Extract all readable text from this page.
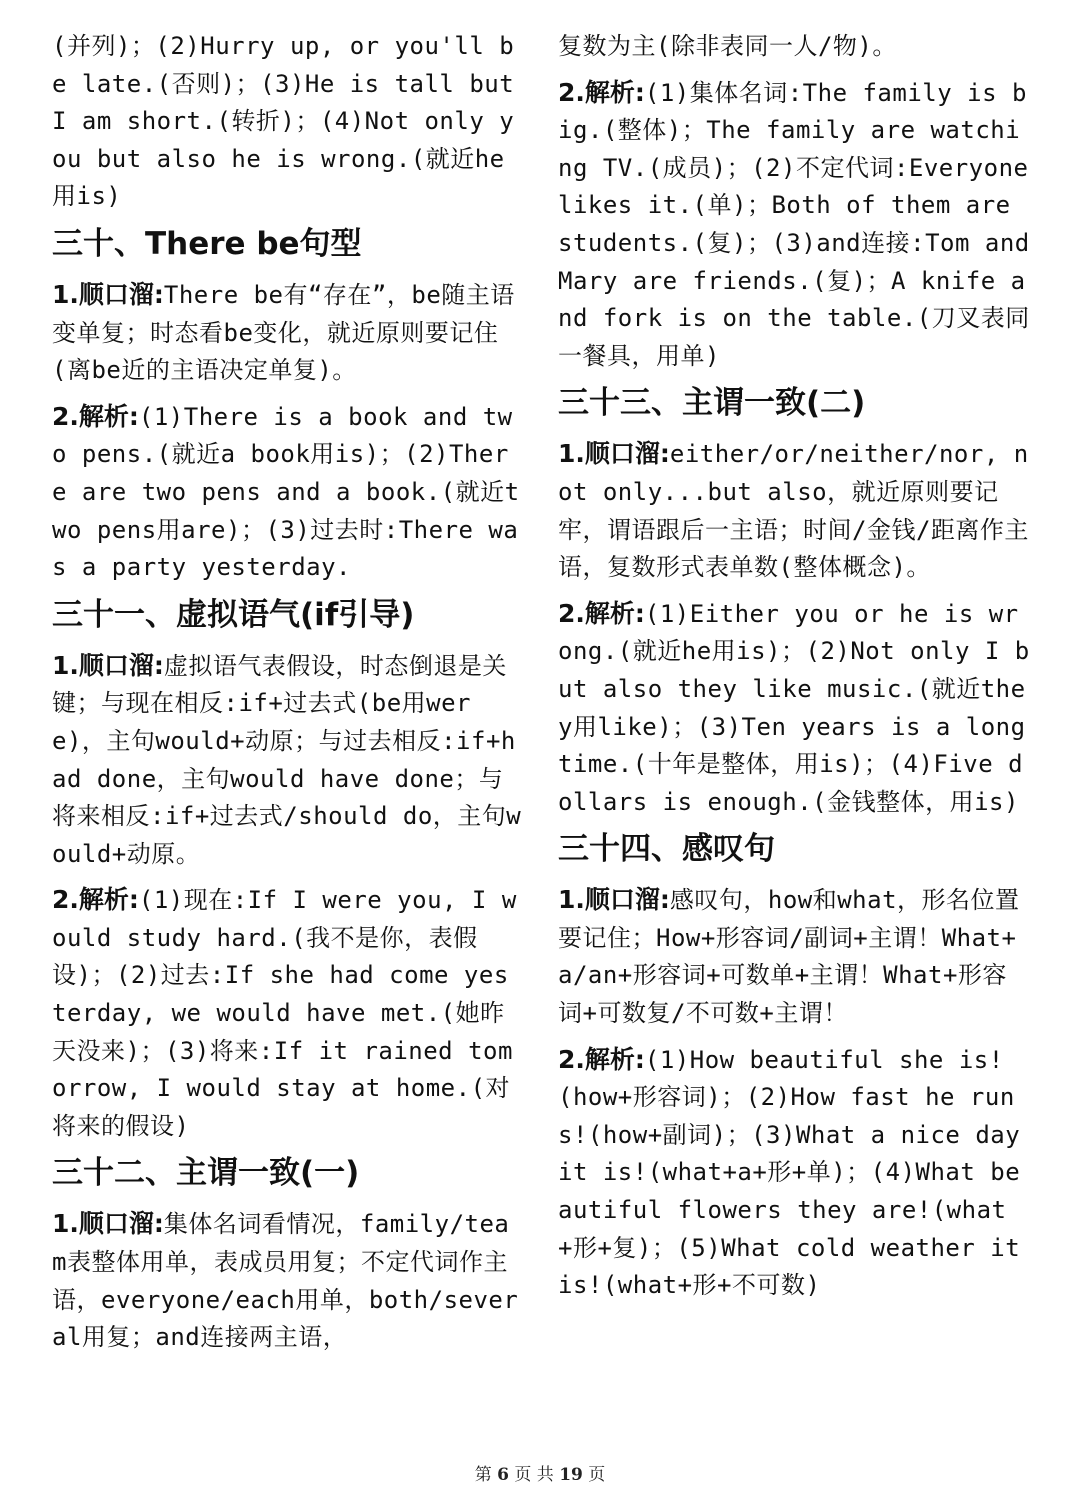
(并列)；(2)Hurry up, or you'll be late.(否则)；(3)He is tall but I am short.(转折)；(4)Not only you but also he is wrong.(就近he用is)

三十、There be句型

1.顺口溜:There be有“存在”，be随主语变单复；时态看be变化，就近原则要记住(离be近的主语决定单复)。

2.解析:(1)There is a book and two pens.(就近a book用is)；(2)There are two pens and a book.(就近two pens用are)；(3)过去时:There was a party yesterday.

三十一、虚拟语气(if引导)

1.顺口溜:虚拟语气表假设，时态倒退是关键；与现在相反:if+过去式(be用were)，主句would+动原；与过去相反:if+had done，主句would have done；与将来相反:if+过去式/should do，主句would+动原。

2.解析:(1)现在:If I were you, I would study hard.(我不是你，表假设)；(2)过去:If she had come yesterday, we would have met.(她昨天没来)；(3)将来:If it rained tomorrow, I would stay at home.(对将来的假设)

三十二、主谓一致(一)

1.顺口溜:集体名词看情况，family/team表整体用单，表成员用复；不定代词作主语，everyone/each用单，both/several用复；and连接两主语，

复数为主(除非表同一人/物)。

2.解析:(1)集体名词:The family is big.(整体)；The family are watching TV.(成员)；(2)不定代词:Everyone likes it.(单)；Both of them are students.(复)；(3)and连接:Tom and Mary are friends.(复)；A knife and fork is on the table.(刀叉表同一餐具，用单)

三十三、主谓一致(二)

1.顺口溜:either/or/neither/nor, not only...but also，就近原则要记牢，谓语跟后一主语；时间/金钱/距离作主语，复数形式表单数(整体概念)。

2.解析:(1)Either you or he is wrong.(就近he用is)；(2)Not only I but also they like music.(就近they用like)；(3)Ten years is a long time.(十年是整体，用is)；(4)Five dollars is enough.(金钱整体，用is)

三十四、感叹句

1.顺口溜:感叹句，how和what，形名位置要记住；How+形容词/副词+主谓！What+a/an+形容词+可数单+主谓！What+形容词+可数复/不可数+主谓！

2.解析:(1)How beautiful she is!(how+形容词)；(2)How fast he runs!(how+副词)；(3)What a nice day it is!(what+a+形+单)；(4)What beautiful flowers they are!(what+形+复)；(5)What cold weather it is!(what+形+不可数)

第 6 页 共 19 页
